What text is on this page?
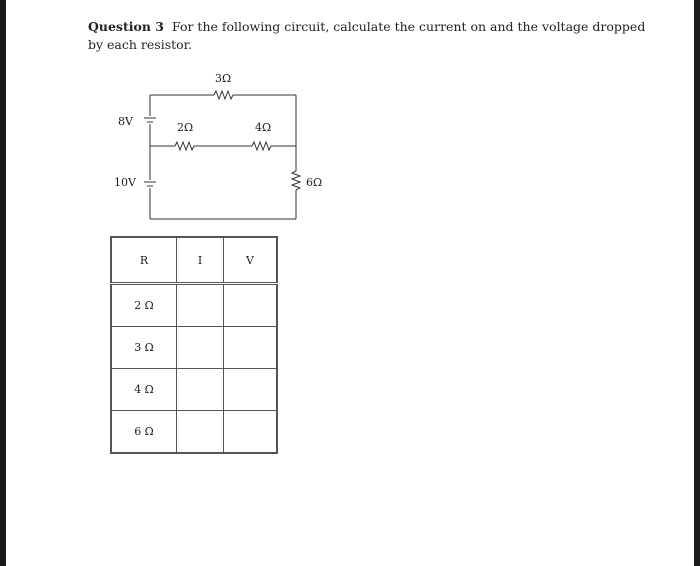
Question 3 For the following circuit, calculate the current on and the voltage dropped by each resistor.
8V
10V
3Ω
2Ω	4Ω
6Ω
R	I	V
2 Ω		
3 Ω		
4 Ω		
6 Ω		
